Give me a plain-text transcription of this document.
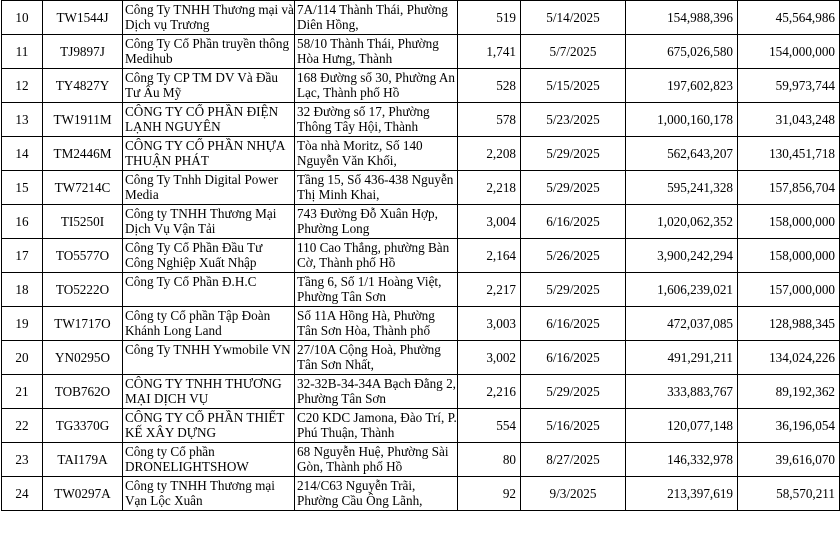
10	TW1544J	Công Ty TNHH Thương mại và Dịch vụ Trương	7A/114 Thành Thái, Phường Diên Hồng,	519	5/14/2025	154,988,396	45,564,986
11	TJ9897J	Công Ty Cổ Phần truyền thông Medihub	58/10 Thành Thái, Phường Hòa Hưng, Thành	1,741	5/7/2025	675,026,580	154,000,000
12	TY4827Y	Công Ty CP TM DV Và Đầu Tư Âu Mỹ	168 Đường số 30, Phường An Lạc, Thành phố Hồ	528	5/15/2025	197,602,823	59,973,744
13	TW1911M	CÔNG TY CỔ PHẦN ĐIỆN LẠNH NGUYÊN	32 Đường số 17, Phường Thông Tây Hội, Thành	578	5/23/2025	1,000,160,178	31,043,248
14	TM2446M	CÔNG TY CỔ PHẦN NHỰA THUẬN PHÁT	Tòa nhà Moritz, Số 140 Nguyễn Văn Khối,	2,208	5/29/2025	562,643,207	130,451,718
15	TW7214C	Công Ty Tnhh Digital Power Media	Tầng 15, Số 436-438 Nguyễn Thị Minh Khai,	2,218	5/29/2025	595,241,328	157,856,704
16	TI5250I	Công ty TNHH Thương Mại Dịch Vụ Vận Tải	743 Đường Đỗ Xuân Hợp, Phường Long	3,004	6/16/2025	1,020,062,352	158,000,000
17	TO5577O	Công Ty Cổ Phần Đầu Tư Công Nghiệp Xuất Nhập	110 Cao Thắng, phường Bàn Cờ, Thành phố Hồ	2,164	5/26/2025	3,900,242,294	158,000,000
18	TO5222O	Công Ty Cổ Phần Đ.H.C	Tầng 6, Số 1/1 Hoàng Việt, Phường Tân Sơn	2,217	5/29/2025	1,606,239,021	157,000,000
19	TW1717O	Công ty Cổ phần Tập Đoàn Khánh Long Land	Số 11A Hồng Hà, Phường Tân Sơn Hòa, Thành phố	3,003	6/16/2025	472,037,085	128,988,345
20	YN0295O	Công Ty TNHH Ywmobile VN	27/10A Cộng Hoà, Phường Tân Sơn Nhất,	3,002	6/16/2025	491,291,211	134,024,226
21	TOB762O	CÔNG TY TNHH THƯƠNG MẠI DỊCH VỤ	32-32B-34-34A Bạch Đằng 2, Phường Tân Sơn	2,216	5/29/2025	333,883,767	89,192,362
22	TG3370G	CÔNG TY CỔ PHẦN THIẾT KẾ XÂY DỰNG	C20 KDC Jamona, Đào Trí, P. Phú Thuận, Thành	554	5/16/2025	120,077,148	36,196,054
23	TAI179A	Công ty Cổ phần DRONELIGHTSHOW	68 Nguyễn Huệ, Phường Sài Gòn, Thành phố Hồ	80	8/27/2025	146,332,978	39,616,070
24	TW0297A	Công ty TNHH Thương mại Vạn Lộc Xuân	214/C63 Nguyễn Trãi, Phường Cầu Ông Lãnh,	92	9/3/2025	213,397,619	58,570,211
